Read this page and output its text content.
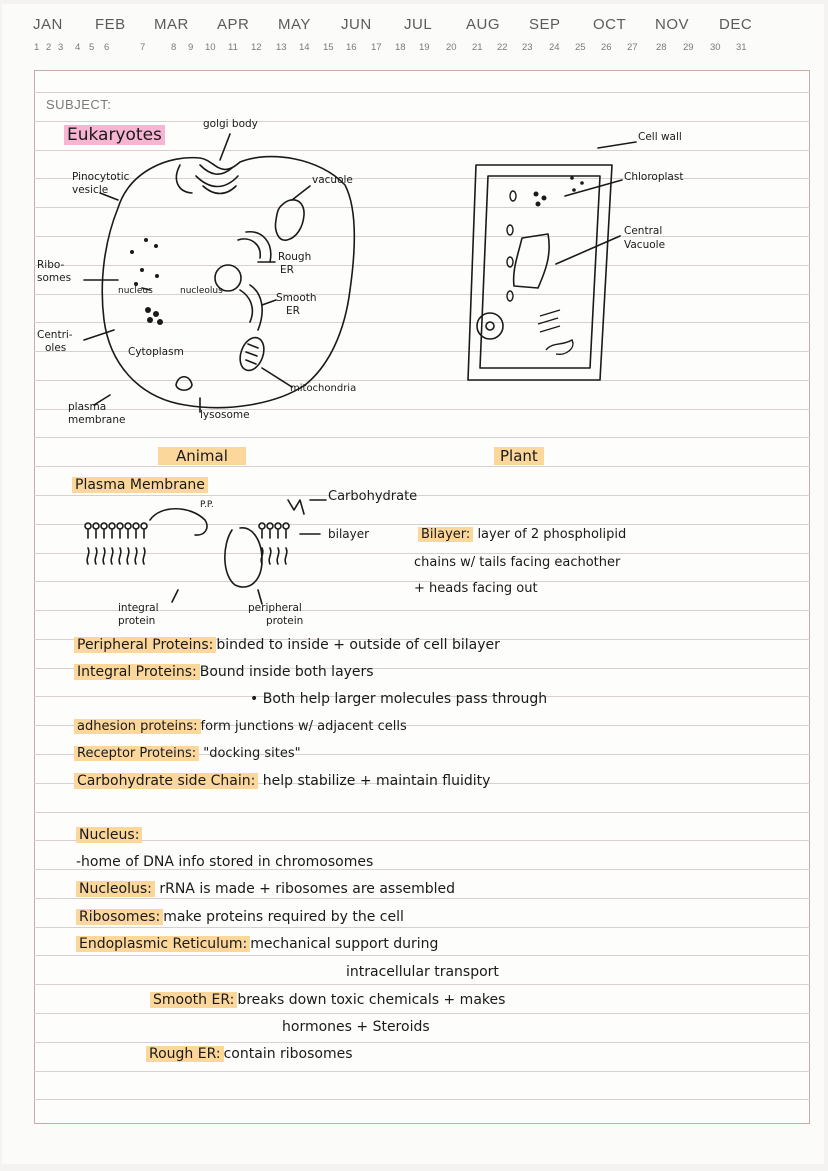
JAN FEB MAR APR MAY JUN JUL AUG SEP OCT NOV DEC
1 2 3 4 5 6	7	8 9 10 11 12 13 14 15 16 17 18 19 20 21 22 23 24 25 26 27 28 29 30 31
SUBJECT:
Eukaryotes
golgi body
Pinocytotic
vesicle
vacuole
Ribo-
somes
nucleus	nucleolus
Rough
ER
Smooth
ER
Centri-
oles	Cytoplasm
mitochondria
plasma
membrane	lysosome
Cell wall
Chloroplast
Central
Vacuole
Animal	Plant
Plasma Membrane
P.P.
Carbohydrate
bilayer
integral
protein
peripheral
protein
Bilayer: layer of 2 phospholipid
chains w/ tails facing eachother
+ heads facing out
Peripheral Proteins: binded to inside + outside of cell bilayer
Integral Proteins: Bound inside both layers
• Both help larger molecules pass through
adhesion proteins: form junctions w/ adjacent cells
Receptor Proteins: "docking sites"
Carbohydrate side Chain: help stabilize + maintain fluidity
Nucleus:
-home of DNA info stored in chromosomes
Nucleolus: rRNA is made + ribosomes are assembled
Ribosomes: make proteins required by the cell
Endoplasmic Reticulum: mechanical support during
intracellular transport
Smooth ER: breaks down toxic chemicals + makes
hormones + Steroids
Rough ER: contain ribosomes
